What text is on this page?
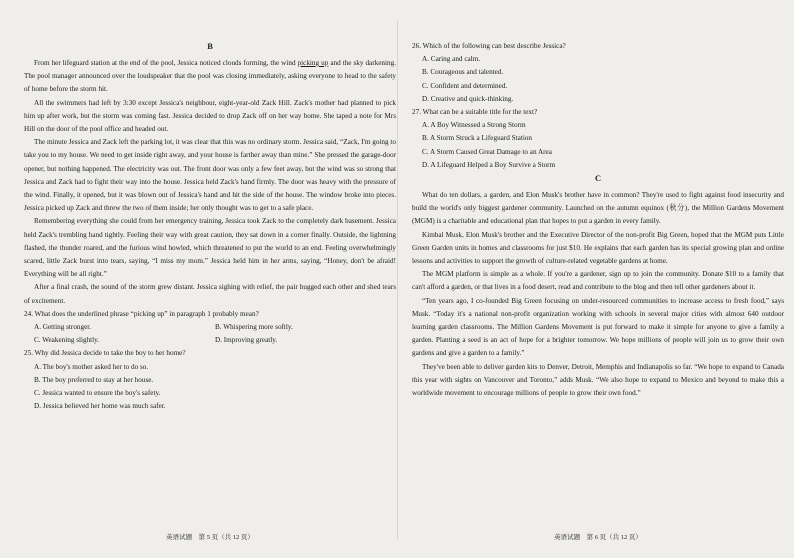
B

From her lifeguard station at the end of the pool, Jessica noticed clouds forming, the wind picking up and the sky darkening. The pool manager announced over the loudspeaker that the pool was closing immediately, asking everyone to head to the safety of home before the storm hit.

All the swimmers had left by 3:30 except Jessica's neighbour, eight-year-old Zack Hill. Zack's mother had planned to pick him up after work, but the storm was coming fast. Jessica decided to drop Zack off on her way home. She taped a note for Mrs Hill on the door of the pool office and headed out.

The minute Jessica and Zack left the parking lot, it was clear that this was no ordinary storm. Jessica said, “Zack, I'm going to take you to my house. We need to get inside right away, and your house is farther away than mine.” She pressed the garage-door opener, but nothing happened. The electricity was out. The front door was only a few feet away, but the wind was so strong that Jessica and Zack had to fight their way into the house. Jessica held Zack's hand firmly. The door was heavy with the pressure of the wind. Finally, it opened, but it was blown out of Jessica's hand and hit the side of the house. The window broke into pieces. Jessica picked up Zack and threw the two of them inside; her only thought was to get to a safe place.

Remembering everything she could from her emergency training, Jessica took Zack to the completely dark basement. Jessica held Zack's trembling hand tightly. Feeling their way with great caution, they sat down in a corner finally. Outside, the lightning flashed, the thunder roared, and the furious wind howled, which threatened to put the world to an end. Feeling overwhelmingly scared, little Zack burst into tears, saying, “I miss my mom.” Jessica held him in her arms, saying, “Honey, don't be afraid! Everything will be all right.”

After a final crash, the sound of the storm grew distant. Jessica sighing with relief, the pair hugged each other and shed tears of excitement.

24. What does the underlined phrase “picking up” in paragraph 1 probably mean?

A. Getting stronger.	B. Whispering more softly.
C. Weakening slightly.	D. Improving greatly.

25. Why did Jessica decide to take the boy to her home?

A. The boy's mother asked her to do so.

B. The boy preferred to stay at her house.

C. Jessica wanted to ensure the boy's safety.

D. Jessica believed her home was much safer.

英语试题　第 5 页（共 12 页）

26. Which of the following can best describe Jessica?

A. Caring and calm.

B. Courageous and talented.

C. Confident and determined.

D. Creative and quick-thinking.

27. What can be a suitable title for the text?

A. A Boy Witnessed a Strong Storm

B. A Storm Struck a Lifeguard Station

C. A Storm Caused Great Damage to an Area

D. A Lifeguard Helped a Boy Survive a Storm

C

What do ten dollars, a garden, and Elon Musk's brother have in common? They're used to fight against food insecurity and build the world's only biggest gardener community. Launched on the autumn equinox (秋分), the Million Gardens Movement (MGM) is a charitable and educational plan that hopes to put a garden in every family.

Kimbal Musk, Elon Musk's brother and the Executive Director of the non-profit Big Green, hoped that the MGM puts Little Green Garden units in homes and classrooms for just $10. He explains that each garden has its special growing plan and online lessons and activities to support the growth of culture-related vegetable gardens at home.

The MGM platform is simple as a whole. If you're a gardener, sign up to join the community. Donate $10 to a family that can't afford a garden, or that lives in a food desert, read and contribute to the blog and then tell other gardeners about it.

“Ten years ago, I co-founded Big Green focusing on under-resourced communities to increase access to fresh food,” says Musk. “Today it's a national non-profit organization working with schools in several major cities with almost 640 outdoor learning garden classrooms. The Million Gardens Movement is put forward to make it simple for anyone to give a family a garden. Planting a seed is an act of hope for a brighter tomorrow. We hope millions of people will join us to grow their own gardens and give a garden to a family.”

They've been able to deliver garden kits to Denver, Detroit, Memphis and Indianapolis so far. “We hope to expand to Canada this year with sights on Vancouver and Toronto,” adds Musk. “We also hope to expand to Mexico and beyond to make this a worldwide movement to encourage millions of people to grow their own food.”

英语试题　第 6 页（共 12 页）
